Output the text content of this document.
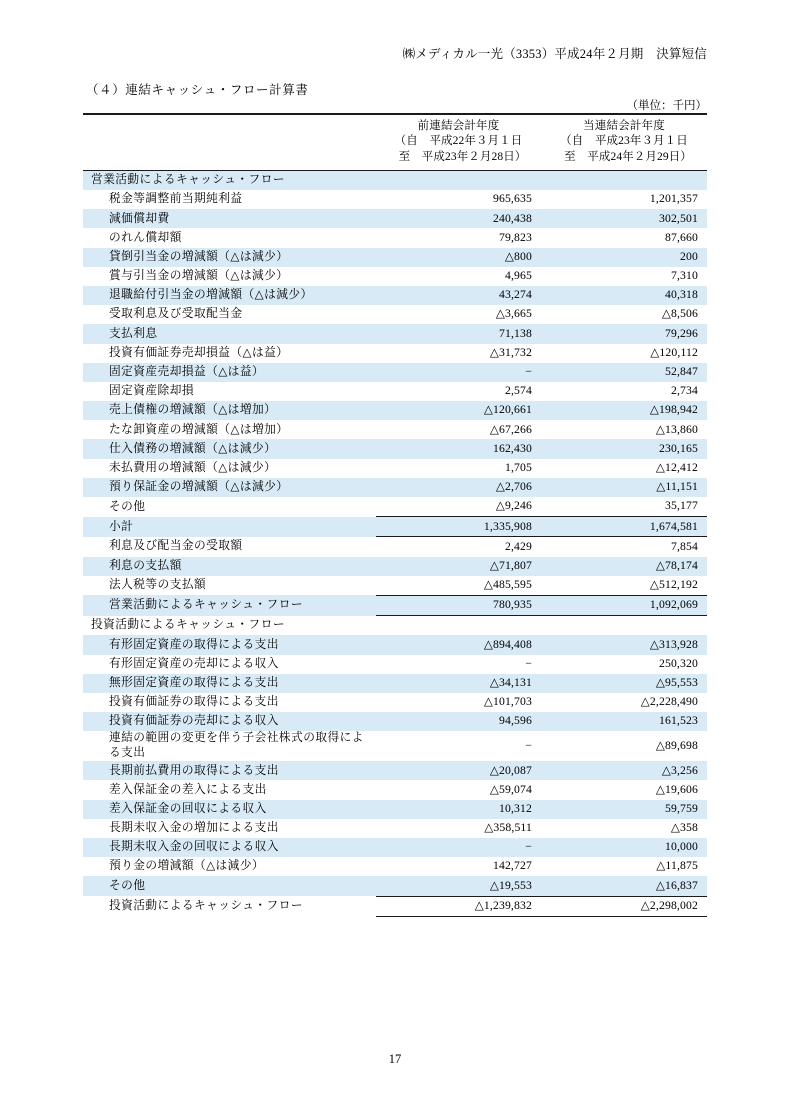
㈱メディカル一光（3353）平成24年２月期　決算短信
（４）連結キャッシュ・フロー計算書
（単位：千円）

	前連結会計年度
（自　平成22年３月１日
至　平成23年２月28日）	当連結会計年度
（自　平成23年３月１日
至　平成24年２月29日）

営業活動によるキャッシュ・フロー		
税金等調整前当期純利益	965,635	1,201,357
減価償却費	240,438	302,501
のれん償却額	79,823	87,660
貸倒引当金の増減額（△は減少）	△800	200
賞与引当金の増減額（△は減少）	4,965	7,310
退職給付引当金の増減額（△は減少）	43,274	40,318
受取利息及び受取配当金	△3,665	△8,506
支払利息	71,138	79,296
投資有価証券売却損益（△は益）	△31,732	△120,112
固定資産売却損益（△は益）	−	52,847
固定資産除却損	2,574	2,734
売上債権の増減額（△は増加）	△120,661	△198,942
たな卸資産の増減額（△は増加）	△67,266	△13,860
仕入債務の増減額（△は減少）	162,430	230,165
未払費用の増減額（△は減少）	1,705	△12,412
預り保証金の増減額（△は減少）	△2,706	△11,151
その他	△9,246	35,177
小計	1,335,908	1,674,581
利息及び配当金の受取額	2,429	7,854
利息の支払額	△71,807	△78,174
法人税等の支払額	△485,595	△512,192
営業活動によるキャッシュ・フロー	780,935	1,092,069
投資活動によるキャッシュ・フロー		
有形固定資産の取得による支出	△894,408	△313,928
有形固定資産の売却による収入	−	250,320
無形固定資産の取得による支出	△34,131	△95,553
投資有価証券の取得による支出	△101,703	△2,228,490
投資有価証券の売却による収入	94,596	161,523
連結の範囲の変更を伴う子会社株式の取得による支出	−	△89,698
長期前払費用の取得による支出	△20,087	△3,256
差入保証金の差入による支出	△59,074	△19,606
差入保証金の回収による収入	10,312	59,759
長期未収入金の増加による支出	△358,511	△358
長期未収入金の回収による収入	−	10,000
預り金の増減額（△は減少）	142,727	△11,875
その他	△19,553	△16,837
投資活動によるキャッシュ・フロー	△1,239,832	△2,298,002
17
